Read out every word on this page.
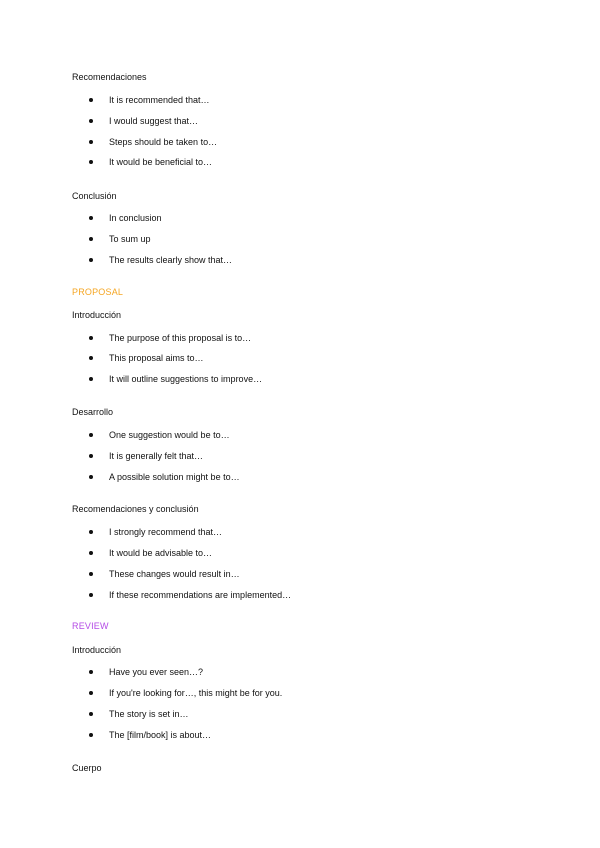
Recomendaciones
It is recommended that…
I would suggest that…
Steps should be taken to…
It would be beneficial to…
Conclusión
In conclusion
To sum up
The results clearly show that…
PROPOSAL
Introducción
The purpose of this proposal is to…
This proposal aims to…
It will outline suggestions to improve…
Desarrollo
One suggestion would be to…
It is generally felt that…
A possible solution might be to…
Recomendaciones y conclusión
I strongly recommend that…
It would be advisable to…
These changes would result in…
If these recommendations are implemented…
REVIEW
Introducción
Have you ever seen…?
If you're looking for…, this might be for you.
The story is set in…
The [film/book] is about…
Cuerpo
